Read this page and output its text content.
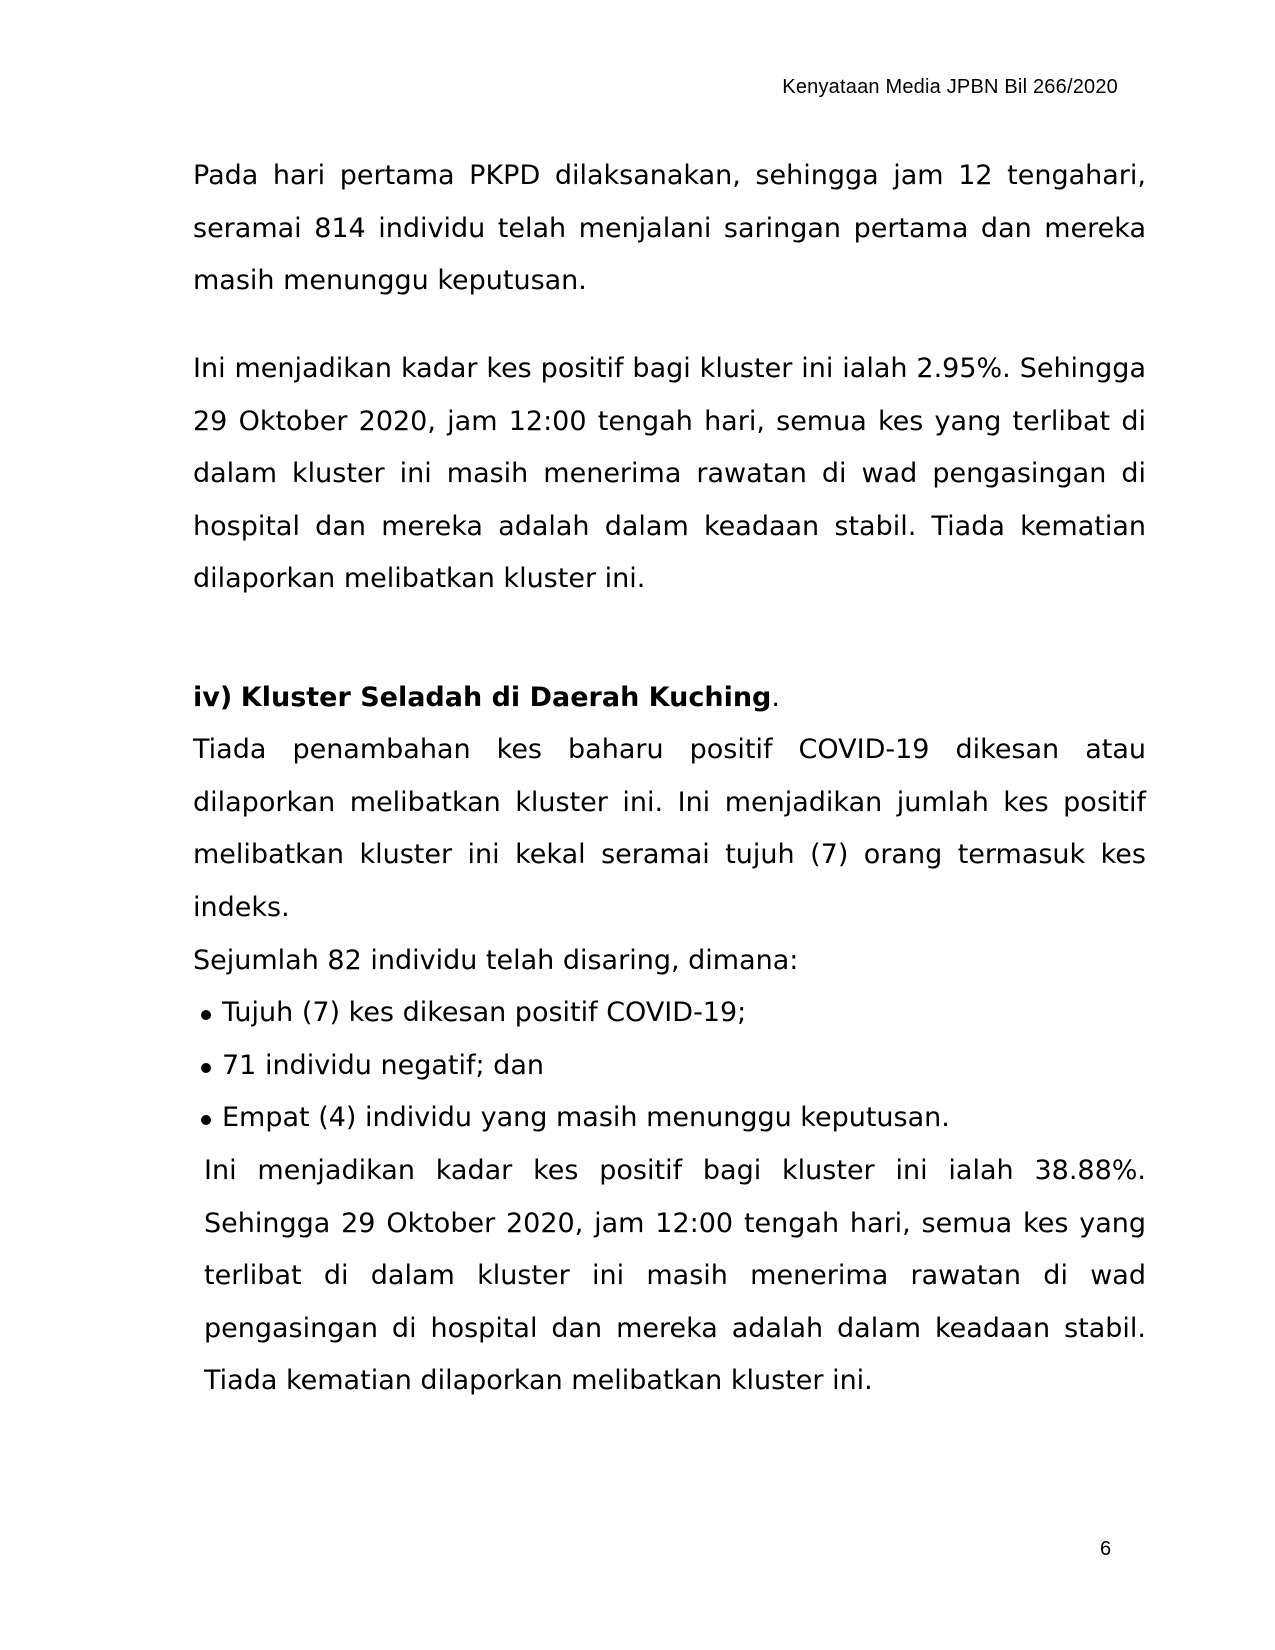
Kenyataan Media JPBN Bil 266/2020

Pada hari pertama PKPD dilaksanakan, sehingga jam 12 tengahari, seramai 814 individu telah menjalani saringan pertama dan mereka masih menunggu keputusan.

Ini menjadikan kadar kes positif bagi kluster ini ialah 2.95%. Sehingga 29 Oktober 2020, jam 12:00 tengah hari, semua kes yang terlibat di dalam kluster ini masih menerima rawatan di wad pengasingan di hospital dan mereka adalah dalam keadaan stabil. Tiada kematian dilaporkan melibatkan kluster ini.

iv) Kluster Seladah di Daerah Kuching.

Tiada penambahan kes baharu positif COVID-19 dikesan atau dilaporkan melibatkan kluster ini. Ini menjadikan jumlah kes positif melibatkan kluster ini kekal seramai tujuh (7) orang termasuk kes indeks.

Sejumlah 82 individu telah disaring, dimana:

Tujuh (7) kes dikesan positif COVID-19;
71 individu negatif; dan
Empat (4) individu yang masih menunggu keputusan.

Ini menjadikan kadar kes positif bagi kluster ini ialah 38.88%. Sehingga 29 Oktober 2020, jam 12:00 tengah hari, semua kes yang terlibat di dalam kluster ini masih menerima rawatan di wad pengasingan di hospital dan mereka adalah dalam keadaan stabil. Tiada kematian dilaporkan melibatkan kluster ini.

6
